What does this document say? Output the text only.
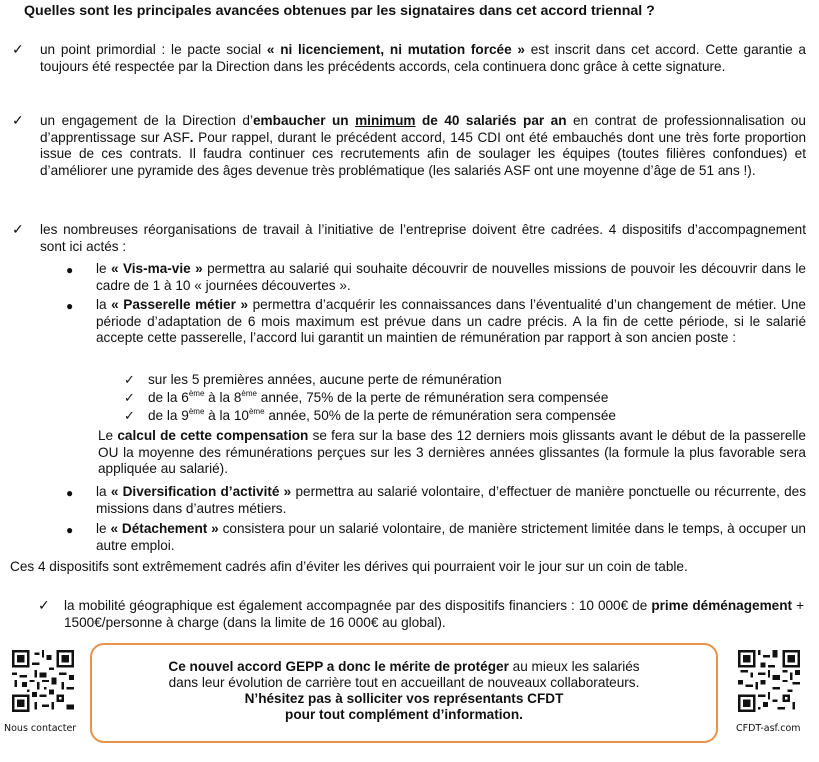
Quelles sont les principales avancées obtenues par les signataires dans cet accord triennal ?
✓	un point primordial : le pacte social « ni licenciement, ni mutation forcée » est inscrit dans cet accord. Cette garantie a toujours été respectée par la Direction dans les précédents accords, cela continuera donc grâce à cette signature.
✓	un engagement de la Direction d’embaucher un minimum de 40 salariés par an en contrat de professionnalisation ou d’apprentissage sur ASF. Pour rappel, durant le précédent accord, 145 CDI ont été embauchés dont une très forte proportion issue de ces contrats. Il faudra continuer ces recrutements afin de soulager les équipes (toutes filières confondues) et d’améliorer une pyramide des âges devenue très problématique (les salariés ASF ont une moyenne d’âge de 51 ans !).
✓	les nombreuses réorganisations de travail à l’initiative de l’entreprise doivent être cadrées. 4 dispositifs d’accompagnement sont ici actés :
● le « Vis-ma-vie » permettra au salarié qui souhaite découvrir de nouvelles missions de pouvoir les découvrir dans le cadre de 1 à 10 « journées découvertes ».
● la « Passerelle métier » permettra d’acquérir les connaissances dans l’éventualité d’un changement de métier. Une période d’adaptation de 6 mois maximum est prévue dans un cadre précis. A la fin de cette période, si le salarié accepte cette passerelle, l’accord lui garantit un maintien de rémunération par rapport à son ancien poste :
✓ sur les 5 premières années, aucune perte de rémunération
✓ de la 6ème à la 8ème année, 75% de la perte de rémunération sera compensée
✓ de la 9ème à la 10ème année, 50% de la perte de rémunération sera compensée
Le calcul de cette compensation se fera sur la base des 12 derniers mois glissants avant le début de la passerelle OU la moyenne des rémunérations perçues sur les 3 dernières années glissantes (la formule la plus favorable sera appliquée au salarié).
● la « Diversification d’activité » permettra au salarié volontaire, d’effectuer de manière ponctuelle ou récurrente, des missions dans d’autres métiers.
● le « Détachement » consistera pour un salarié volontaire, de manière strictement limitée dans le temps, à occuper un autre emploi.
Ces 4 dispositifs sont extrêmement cadrés afin d’éviter les dérives qui pourraient voir le jour sur un coin de table.
✓	la mobilité géographique est également accompagnée par des dispositifs financiers : 10 000€ de prime déménagement + 1500€/personne à charge (dans la limite de 16 000€ au global).
Nous contacter
Ce nouvel accord GEPP a donc le mérite de protéger au mieux les salariés
dans leur évolution de carrière tout en accueillant de nouveaux collaborateurs.
N’hésitez pas à solliciter vos représentants CFDT
pour tout complément d’information.
CFDT-asf.com
